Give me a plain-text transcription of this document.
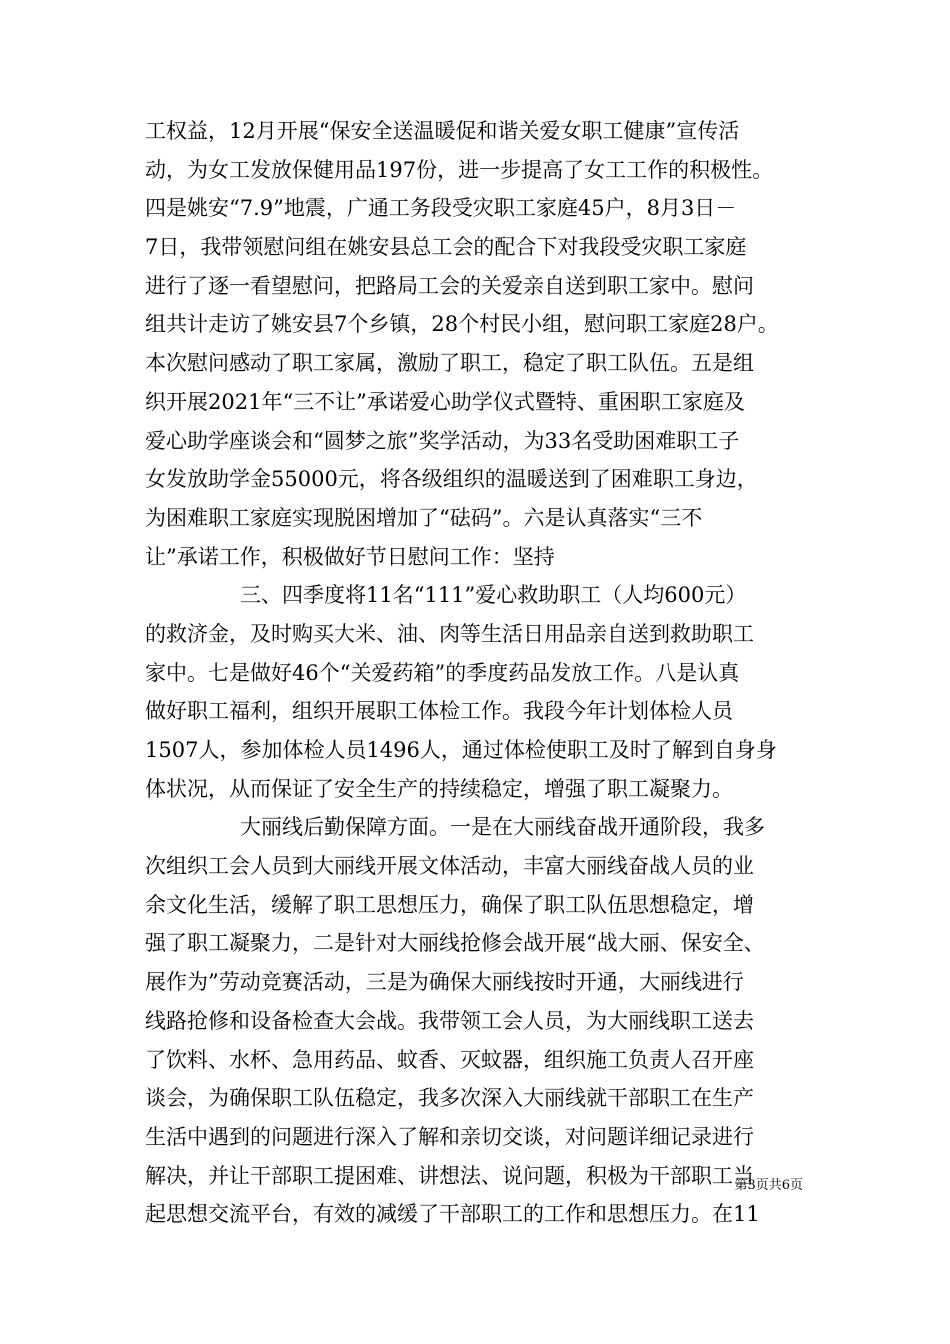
工权益，12月开展“保安全送温暖促和谐关爱女职工健康”宣传活
动，为女工发放保健用品197份，进一步提高了女工工作的积极性。
四是姚安“7.9”地震，广通工务段受灾职工家庭45户，8月3日－
7日，我带领慰问组在姚安县总工会的配合下对我段受灾职工家庭
进行了逐一看望慰问，把路局工会的关爱亲自送到职工家中。慰问
组共计走访了姚安县7个乡镇，28个村民小组，慰问职工家庭28户。
本次慰问感动了职工家属，激励了职工，稳定了职工队伍。五是组
织开展2021年“三不让”承诺爱心助学仪式暨特、重困职工家庭及
爱心助学座谈会和“圆梦之旅”奖学活动，为33名受助困难职工子
女发放助学金55000元，将各级组织的温暖送到了困难职工身边，
为困难职工家庭实现脱困增加了“砝码”。六是认真落实“三不
让”承诺工作，积极做好节日慰问工作：坚持
三、四季度将11名“111”爱心救助职工（人均600元）
的救济金，及时购买大米、油、肉等生活日用品亲自送到救助职工
家中。七是做好46个“关爱药箱”的季度药品发放工作。八是认真
做好职工福利，组织开展职工体检工作。我段今年计划体检人员
1507人，参加体检人员1496人，通过体检使职工及时了解到自身身
体状况，从而保证了安全生产的持续稳定，增强了职工凝聚力。
大丽线后勤保障方面。一是在大丽线奋战开通阶段，我多
次组织工会人员到大丽线开展文体活动，丰富大丽线奋战人员的业
余文化生活，缓解了职工思想压力，确保了职工队伍思想稳定，增
强了职工凝聚力，二是针对大丽线抢修会战开展“战大丽、保安全、
展作为”劳动竞赛活动，三是为确保大丽线按时开通，大丽线进行
线路抢修和设备检查大会战。我带领工会人员，为大丽线职工送去
了饮料、水杯、急用药品、蚊香、灭蚊器，组织施工负责人召开座
谈会，为确保职工队伍稳定，我多次深入大丽线就干部职工在生产
生活中遇到的问题进行深入了解和亲切交谈，对问题详细记录进行
解决，并让干部职工提困难、讲想法、说问题，积极为干部职工当
起思想交流平台，有效的减缓了干部职工的工作和思想压力。在11
第3页共6页
